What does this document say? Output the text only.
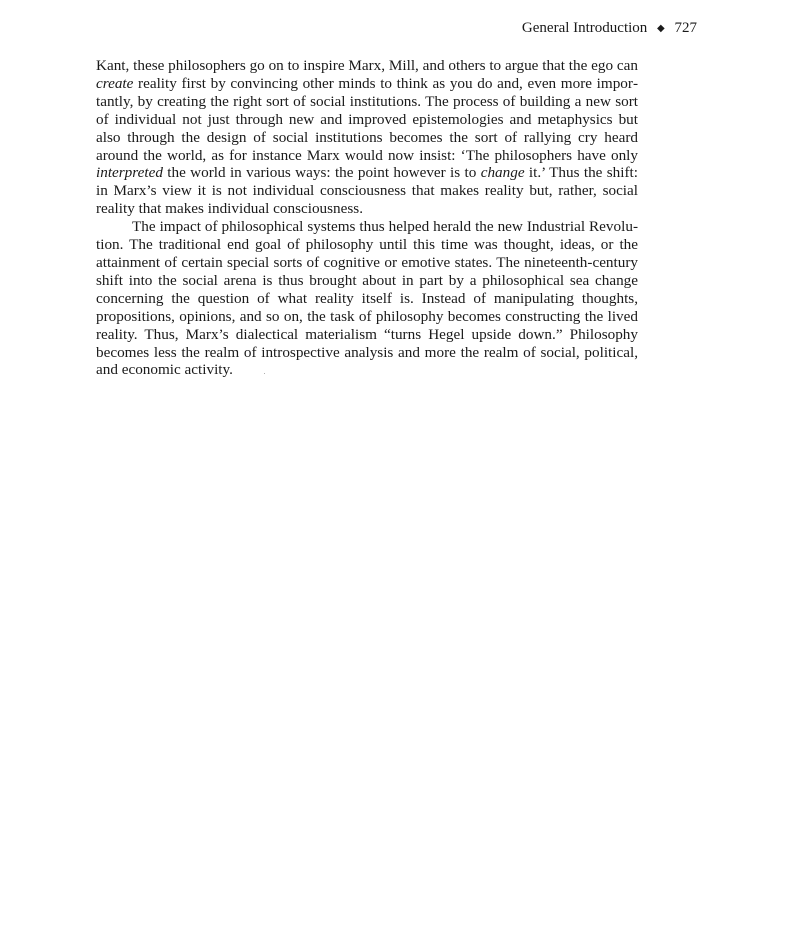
General Introduction ◆ 727

Kant, these philosophers go on to inspire Marx, Mill, and others to argue that the ego can create reality first by convincing other minds to think as you do and, even more importantly, by creating the right sort of social institutions. The process of building a new sort of individual not just through new and improved epistemologies and metaphysics but also through the design of social institutions becomes the sort of rallying cry heard around the world, as for instance Marx would now insist: ‘The philosophers have only interpreted the world in various ways: the point however is to change it.’ Thus the shift: in Marx’s view it is not individual consciousness that makes reality but, rather, social reality that makes individual consciousness.

The impact of philosophical systems thus helped herald the new Industrial Revolution. The traditional end goal of philosophy until this time was thought, ideas, or the attainment of certain special sorts of cognitive or emotive states. The nineteenth-century shift into the social arena is thus brought about in part by a philosophical sea change concerning the question of what reality itself is. Instead of manipulating thoughts, propositions, opinions, and so on, the task of philosophy becomes constructing the lived reality. Thus, Marx’s dialectical materialism “turns Hegel upside down.” Philosophy becomes less the realm of introspective analysis and more the realm of social, political, and economic activity.
